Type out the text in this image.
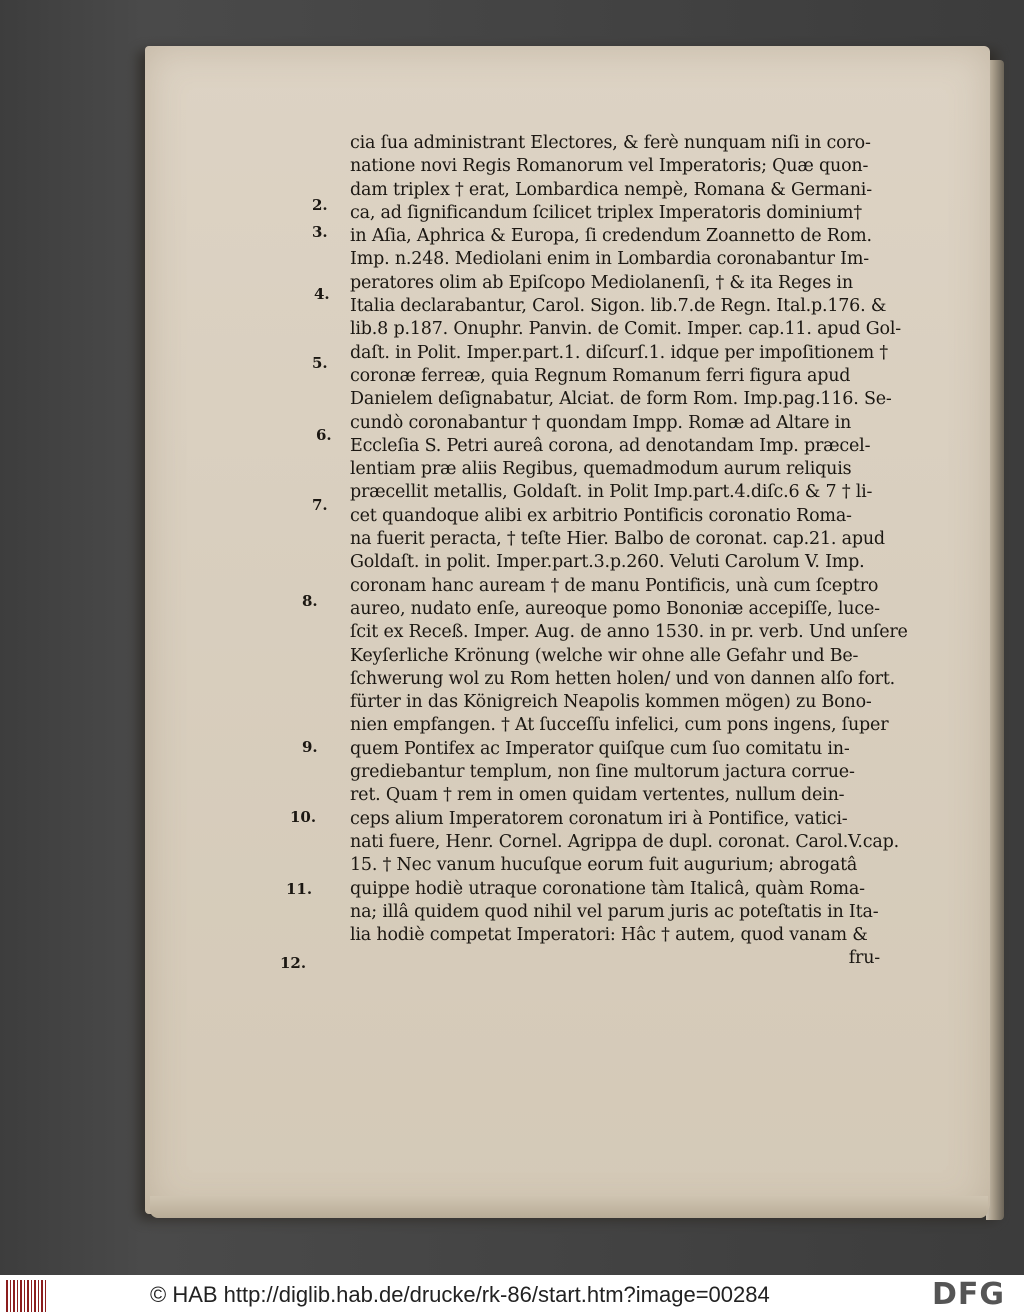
2.
3.
4.
5.
6.
7.
8.
9.
10.
11.
12.
cia ſua administrant Electores, & ferè nunquam niſi in coro-
natione novi Regis Romanorum vel Imperatoris; Quæ quon-
dam triplex † erat, Lombardica nempè, Romana & Germani-
ca, ad ſignificandum ſcilicet triplex Imperatoris dominium†
in Aſia, Aphrica & Europa, ſi credendum Zoannetto de Rom.
Imp. n.248. Mediolani enim in Lombardia coronabantur Im-
peratores olim ab Epiſcopo Mediolanenſi, † & ita Reges in
Italia declarabantur, Carol. Sigon. lib.7.de Regn. Ital.p.176. &
lib.8 p.187. Onuphr. Panvin. de Comit. Imper. cap.11. apud Gol-
daſt. in Polit. Imper.part.1. diſcurſ.1. idque per impoſitionem †
coronæ ferreæ, quia Regnum Romanum ferri figura apud
Danielem deſignabatur, Alciat. de form Rom. Imp.pag.116. Se-
cundò coronabantur † quondam Impp. Romæ ad Altare in
Eccleſia S. Petri aureâ corona, ad denotandam Imp. præcel-
lentiam præ aliis Regibus, quemadmodum aurum reliquis
præcellit metallis, Goldaſt. in Polit Imp.part.4.diſc.6 & 7 † li-
cet quandoque alibi ex arbitrio Pontificis coronatio Roma-
na fuerit peracta, † teſte Hier. Balbo de coronat. cap.21. apud
Goldaſt. in polit. Imper.part.3.p.260. Veluti Carolum V. Imp.
coronam hanc auream † de manu Pontificis, unà cum ſceptro
aureo, nudato enſe, aureoque pomo Bononiæ accepiſſe, luce-
ſcit ex Receß. Imper. Aug. de anno 1530. in pr. verb. Und unſere
Keyſerliche Krönung (welche wir ohne alle Gefahr und Be-
ſchwerung wol zu Rom hetten holen/ und von dannen alſo fort.
fürter in das Königreich Neapolis kommen mögen) zu Bono-
nien empfangen. † At ſucceſſu infelici, cum pons ingens, ſuper
quem Pontifex ac Imperator quiſque cum ſuo comitatu in-
grediebantur templum, non ſine multorum jactura corrue-
ret. Quam † rem in omen quidam vertentes, nullum dein-
ceps alium Imperatorem coronatum iri à Pontifice, vatici-
nati fuere, Henr. Cornel. Agrippa de dupl. coronat. Carol.V.cap.
15. † Nec vanum hucuſque eorum fuit augurium; abrogatâ
quippe hodiè utraque coronatione tàm Italicâ, quàm Roma-
na; illâ quidem quod nihil vel parum juris ac poteſtatis in Ita-
lia hodiè competat Imperatori: Hâc † autem, quod vanam &
fru-
© HAB http://diglib.hab.de/drucke/rk-86/start.htm?image=00284	DFG
